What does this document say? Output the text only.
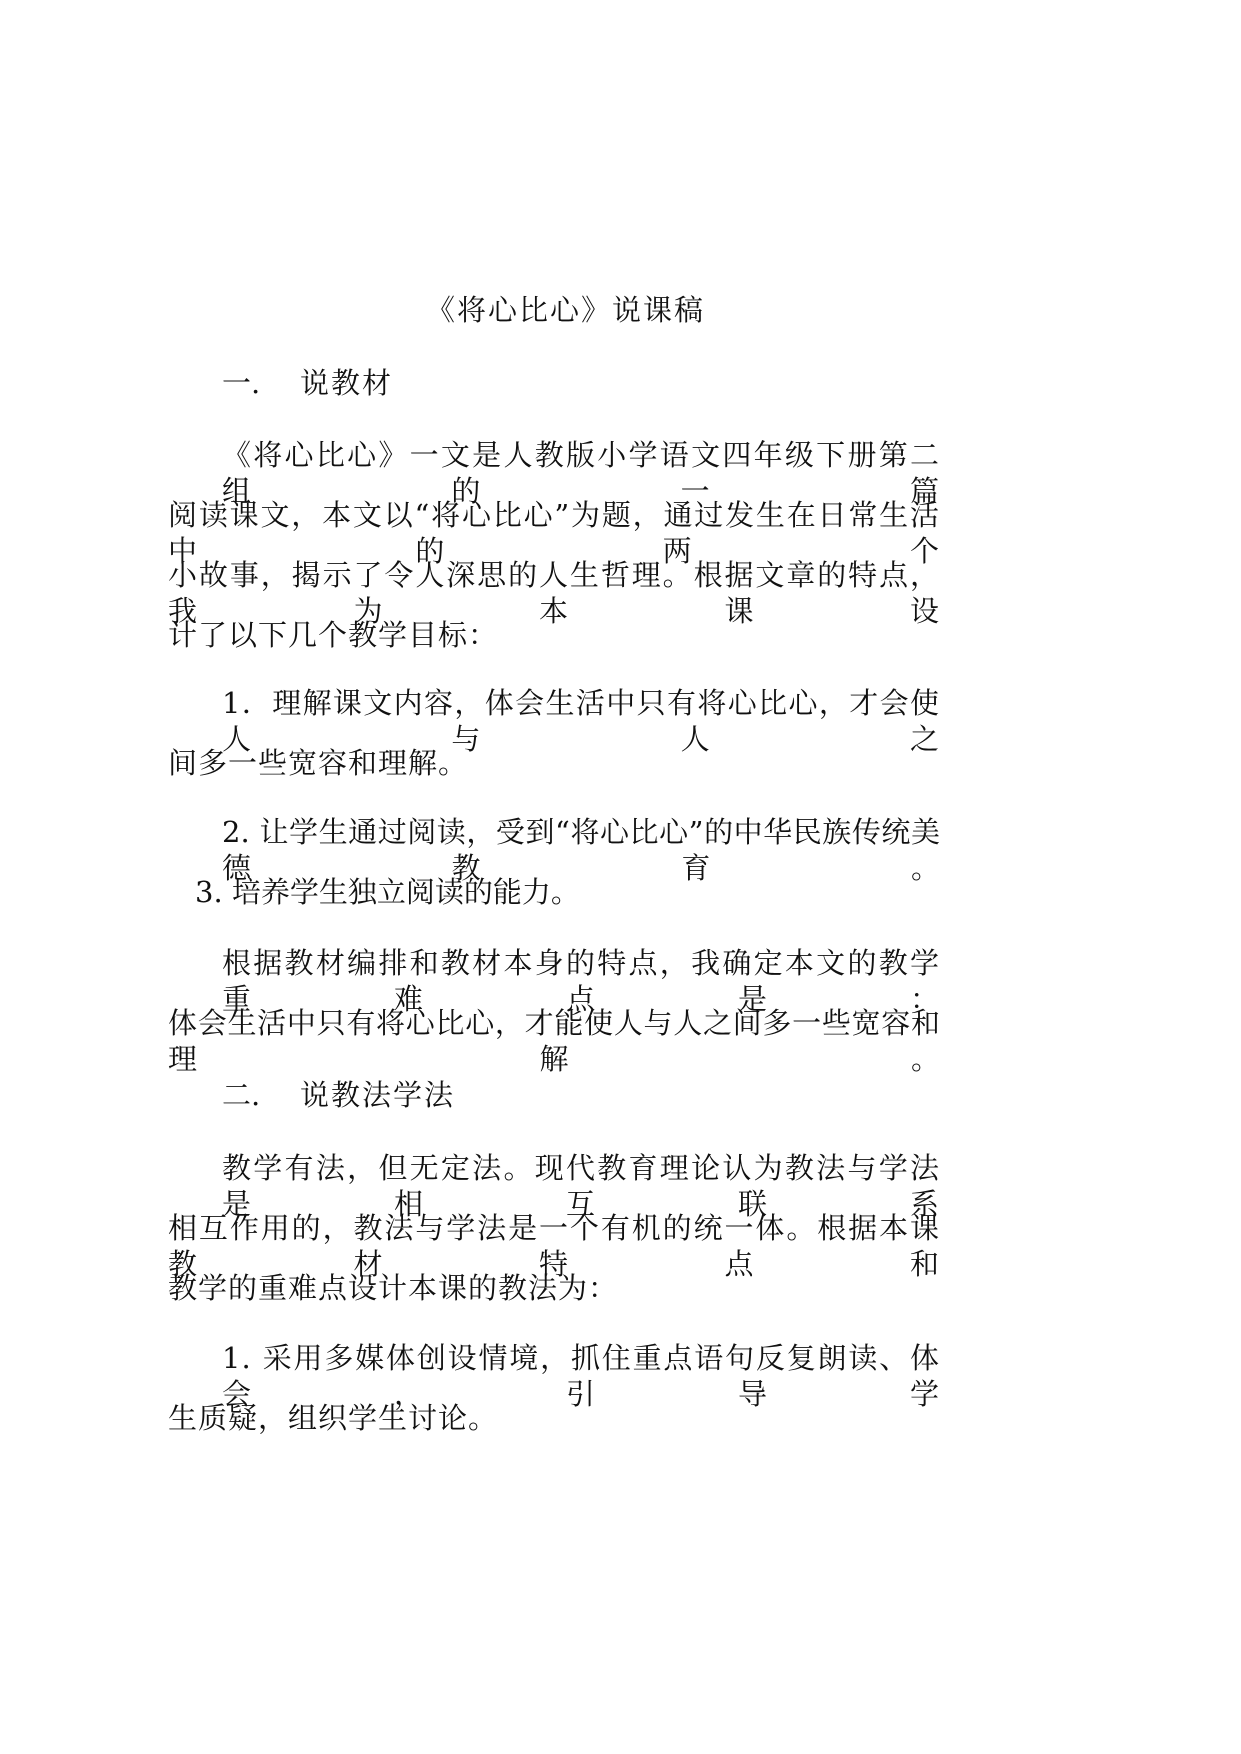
《将心比心》说课稿
一. 说教材
《将心比心》一文是人教版小学语文四年级下册第二组的一篇
阅读课文，本文以“将心比心”为题，通过发生在日常生活中的两个
小故事，揭示了令人深思的人生哲理。根据文章的特点，我为本课设
计了以下几个教学目标：
1．理解课文内容，体会生活中只有将心比心，才会使人与人之
间多一些宽容和理解。
2. 让学生通过阅读，受到“将心比心”的中华民族传统美德教育。
3. 培养学生独立阅读的能力。
根据教材编排和教材本身的特点，我确定本文的教学重难点是：
体会生活中只有将心比心，才能使人与人之间多一些宽容和理解。
二. 说教法学法
教学有法，但无定法。现代教育理论认为教法与学法是相互联系
相互作用的，教法与学法是一个有机的统一体。根据本课教材特点和
教学的重难点设计本课的教法为：
1. 采用多媒体创设情境，抓住重点语句反复朗读、体会，引导学
生质疑，组织学生讨论。
